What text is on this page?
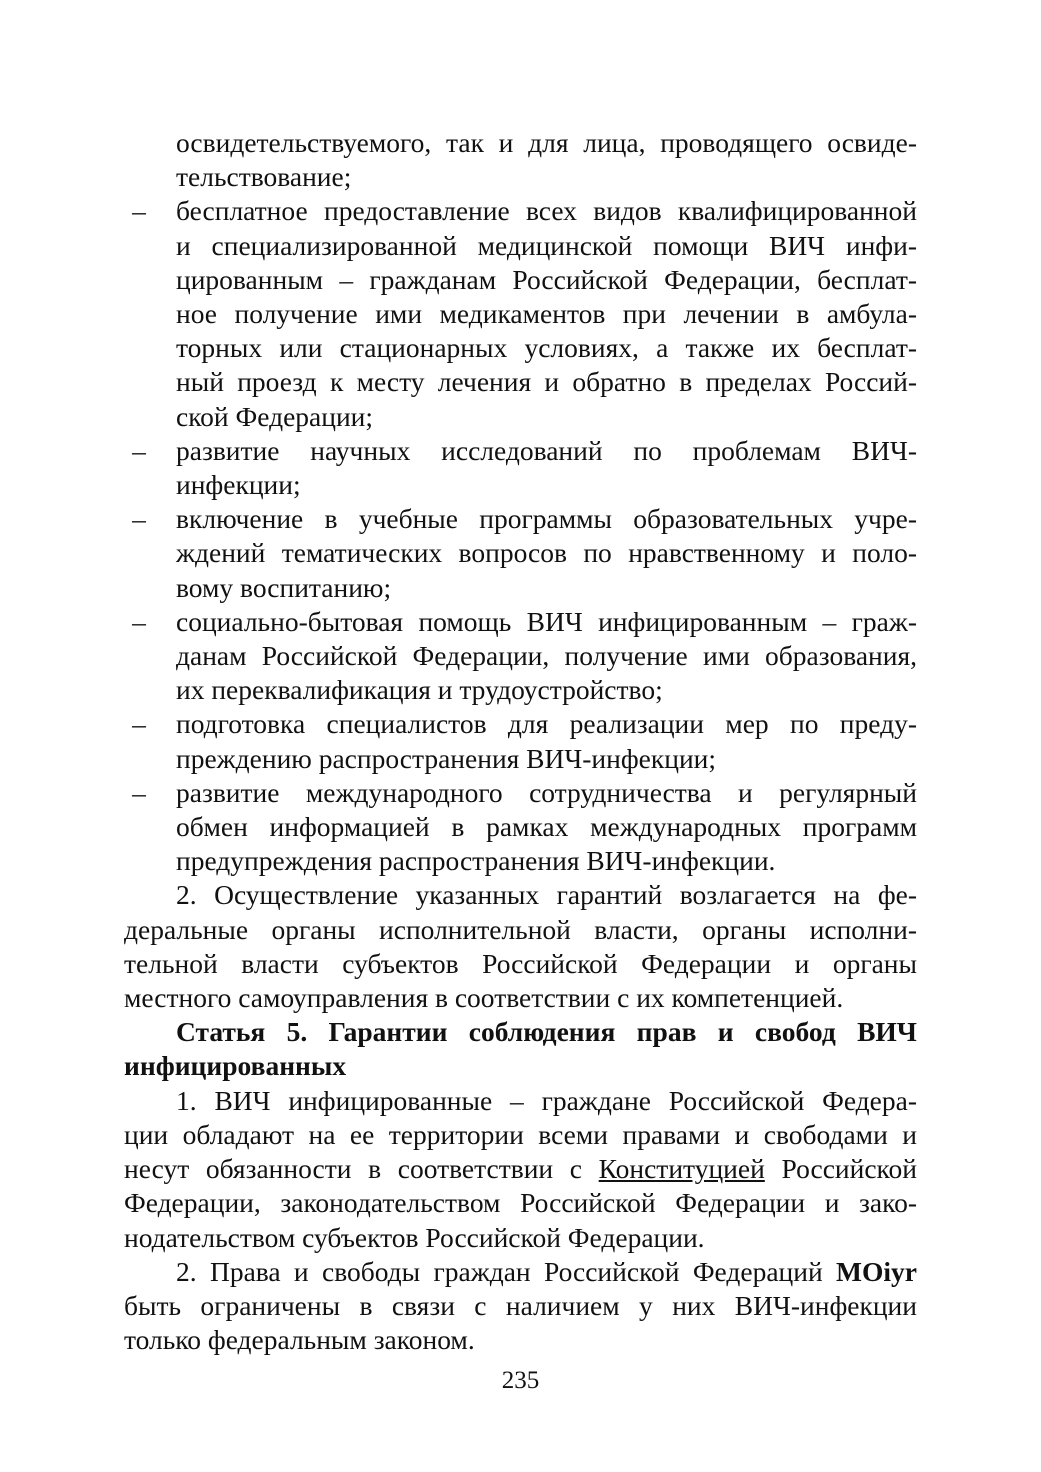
освидетельствуемого, так и для лица, проводящего освиде-
тельствование;
– бесплатное предоставление всех видов квалифицированной
и специализированной медицинской помощи ВИЧ инфи-
цированным – гражданам Российской Федерации, бесплат-
ное получение ими медикаментов при лечении в амбула-
торных или стационарных условиях, а также их бесплат-
ный проезд к месту лечения и обратно в пределах Россий-
ской Федерации;
– развитие научных исследований по проблемам ВИЧ-
инфекции;
– включение в учебные программы образовательных учре-
ждений тематических вопросов по нравственному и поло-
вому воспитанию;
– социально-бытовая помощь ВИЧ инфицированным – граж-
данам Российской Федерации, получение ими образования,
их переквалификация и трудоустройство;
– подготовка специалистов для реализации мер по преду-
преждению распространения ВИЧ-инфекции;
– развитие международного сотрудничества и регулярный
обмен информацией в рамках международных программ
предупреждения распространения ВИЧ-инфекции.
2. Осуществление указанных гарантий возлагается на фе-
деральные органы исполнительной власти, органы исполни-
тельной власти субъектов Российской Федерации и органы
местного самоуправления в соответствии с их компетенцией.
Статья 5. Гарантии соблюдения прав и свобод ВИЧ
инфицированных
1. ВИЧ инфицированные – граждане Российской Федера-
ции обладают на ее территории всеми правами и свободами и
несут обязанности в соответствии с Конституцией Российской
Федерации, законодательством Российской Федерации и зако-
нодательством субъектов Российской Федерации.
2. Права и свободы граждан Российской Федераций MOiyr
быть ограничены в связи с наличием у них ВИЧ-инфекции
только федеральным законом.
235
